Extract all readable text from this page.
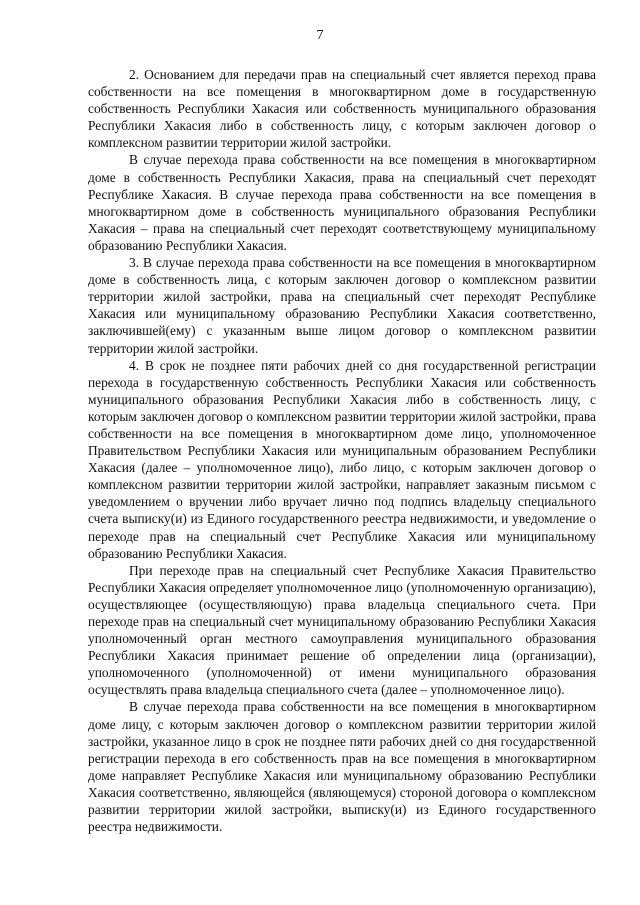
7

2. Основанием для передачи прав на специальный счет является переход права собственности на все помещения в многоквартирном доме в государственную собственность Республики Хакасия или собственность муниципального образования Республики Хакасия либо в собственность лицу, с которым заключен договор о комплексном развитии территории жилой застройки.

В случае перехода права собственности на все помещения в многоквартирном доме в собственность Республики Хакасия, права на специальный счет переходят Республике Хакасия. В случае перехода права собственности на все помещения в многоквартирном доме в собственность муниципального образования Республики Хакасия – права на специальный счет переходят соответствующему муниципальному образованию Республики Хакасия.

3. В случае перехода права собственности на все помещения в многоквартирном доме в собственность лица, с которым заключен договор о комплексном развитии территории жилой застройки, права на специальный счет переходят Республике Хакасия или муниципальному образованию Республики Хакасия соответственно, заключившей(ему) с указанным выше лицом договор о комплексном развитии территории жилой застройки.

4. В срок не позднее пяти рабочих дней со дня государственной регистрации перехода в государственную собственность Республики Хакасия или собственность муниципального образования Республики Хакасия либо в собственность лицу, с которым заключен договор о комплексном развитии территории жилой застройки, права собственности на все помещения в многоквартирном доме лицо, уполномоченное Правительством Республики Хакасия или муниципальным образованием Республики Хакасия (далее – уполномоченное лицо), либо лицо, с которым заключен договор о комплексном развитии территории жилой застройки, направляет заказным письмом с уведомлением о вручении либо вручает лично под подпись владельцу специального счета выписку(и) из Единого государственного реестра недвижимости, и уведомление о переходе прав на специальный счет Республике Хакасия или муниципальному образованию Республики Хакасия.

При переходе прав на специальный счет Республике Хакасия Правительство Республики Хакасия определяет уполномоченное лицо (уполномоченную организацию), осуществляющее (осуществляющую) права владельца специального счета. При переходе прав на специальный счет муниципальному образованию Республики Хакасия уполномоченный орган местного самоуправления муниципального образования Республики Хакасия принимает решение об определении лица (организации), уполномоченного (уполномоченной) от имени муниципального образования осуществлять права владельца специального счета (далее – уполномоченное лицо).

В случае перехода права собственности на все помещения в многоквартирном доме лицу, с которым заключен договор о комплексном развитии территории жилой застройки, указанное лицо в срок не позднее пяти рабочих дней со дня государственной регистрации перехода в его собственность прав на все помещения в многоквартирном доме направляет Республике Хакасия или муниципальному образованию Республики Хакасия соответственно, являющейся (являющемуся) стороной договора о комплексном развитии территории жилой застройки, выписку(и) из Единого государственного реестра недвижимости.
